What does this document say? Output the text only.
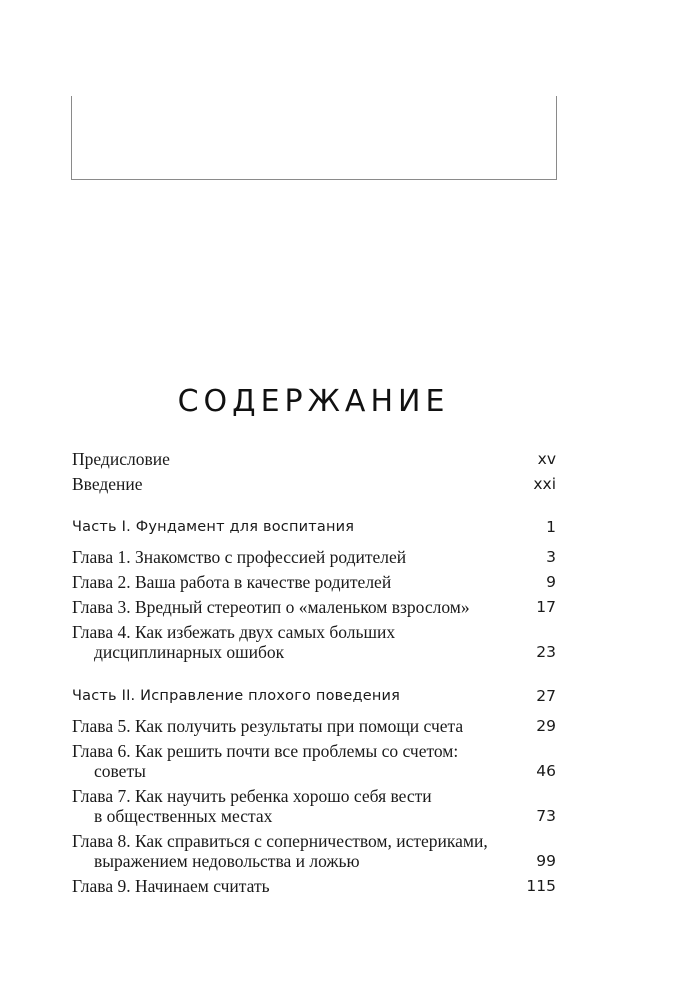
СОДЕРЖАНИЕ
Предисловие	xv
Введение	xxi
Часть I. Фундамент для воспитания	1
Глава 1. Знакомство с профессией родителей	3
Глава 2. Ваша работа в качестве родителей	9
Глава 3. Вредный стереотип о «маленьком взрослом»	17
Глава 4. Как избежать двух самых больших
дисциплинарных ошибок	23
Часть II. Исправление плохого поведения	27
Глава 5. Как получить результаты при помощи счета	29
Глава 6. Как решить почти все проблемы со счетом:
советы	46
Глава 7. Как научить ребенка хорошо себя вести
в общественных местах	73
Глава 8. Как справиться с соперничеством, истериками,
выражением недовольства и ложью	99
Глава 9. Начинаем считать	115
